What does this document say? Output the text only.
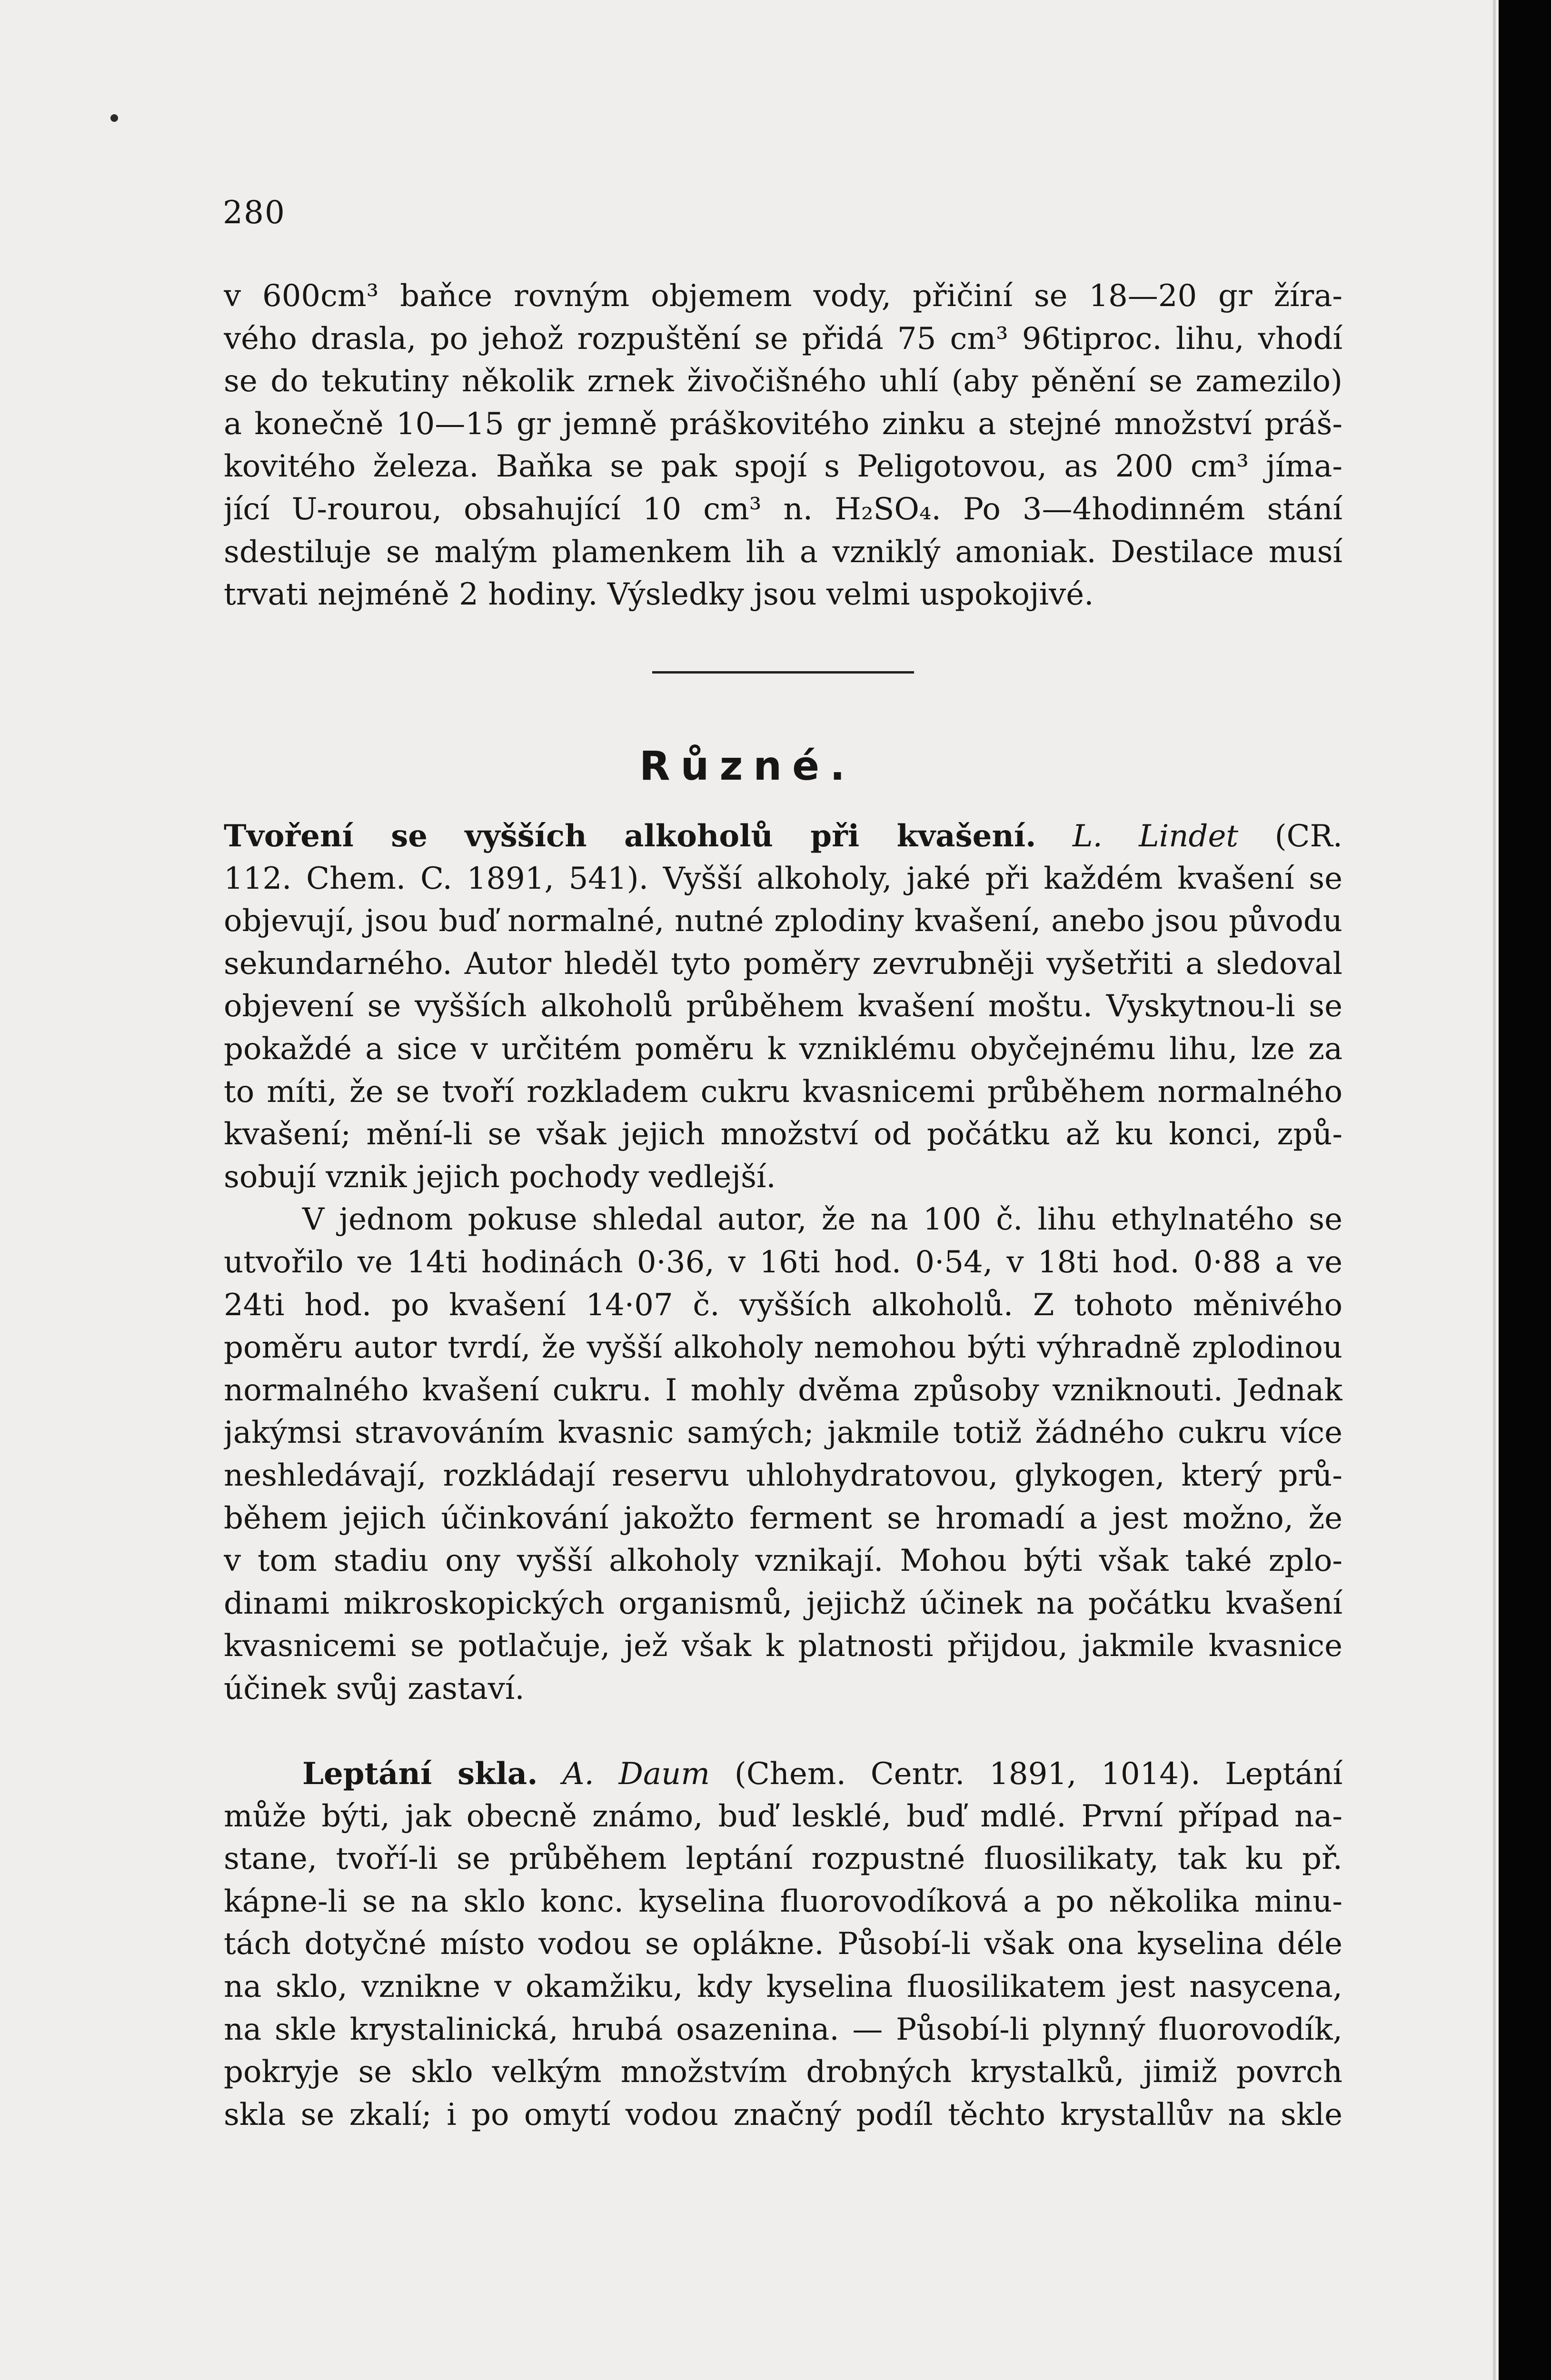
280
v 600cm³ baňce rovným objemem vody, přičiní se 18—20 gr žíra-
vého drasla, po jehož rozpuštění se přidá 75 cm³ 96tiproc. lihu, vhodí
se do tekutiny několik zrnek živočišného uhlí (aby pěnění se zamezilo)
a konečně 10—15 gr jemně práškovitého zinku a stejné množství práš-
kovitého železa. Baňka se pak spojí s Peligotovou, as 200 cm³ jíma-
jící U-rourou, obsahující 10 cm³ n. H₂SO₄. Po 3—4hodinném stání
sdestiluje se malým plamenkem lih a vzniklý amoniak. Destilace musí
trvati nejméně 2 hodiny. Výsledky jsou velmi uspokojivé.
Různé.
Tvoření se vyšších alkoholů při kvašení. L. Lindet (CR.
112. Chem. C. 1891, 541). Vyšší alkoholy, jaké při každém kvašení se
objevují, jsou buď normalné, nutné zplodiny kvašení, anebo jsou původu
sekundarného. Autor hleděl tyto poměry zevrubněji vyšetřiti a sledoval
objevení se vyšších alkoholů průběhem kvašení moštu. Vyskytnou-li se
pokaždé a sice v určitém poměru k vzniklému obyčejnému lihu, lze za
to míti, že se tvoří rozkladem cukru kvasnicemi průběhem normalného
kvašení; mění-li se však jejich množství od počátku až ku konci, způ-
sobují vznik jejich pochody vedlejší.
V jednom pokuse shledal autor, že na 100 č. lihu ethylnatého se
utvořilo ve 14ti hodinách 0·36, v 16ti hod. 0·54, v 18ti hod. 0·88 a ve
24ti hod. po kvašení 14·07 č. vyšších alkoholů. Z tohoto měnivého
poměru autor tvrdí, že vyšší alkoholy nemohou býti výhradně zplodinou
normalného kvašení cukru. I mohly dvěma způsoby vzniknouti. Jednak
jakýmsi stravováním kvasnic samých; jakmile totiž žádného cukru více
neshledávají, rozkládají reservu uhlohydratovou, glykogen, který prů-
během jejich účinkování jakožto ferment se hromadí a jest možno, že
v tom stadiu ony vyšší alkoholy vznikají. Mohou býti však také zplo-
dinami mikroskopických organismů, jejichž účinek na počátku kvašení
kvasnicemi se potlačuje, jež však k platnosti přijdou, jakmile kvasnice
účinek svůj zastaví.
Leptání skla. A. Daum (Chem. Centr. 1891, 1014). Leptání
může býti, jak obecně známo, buď lesklé, buď mdlé. První případ na-
stane, tvoří-li se průběhem leptání rozpustné fluosilikaty, tak ku př.
kápne-li se na sklo konc. kyselina fluorovodíková a po několika minu-
tách dotyčné místo vodou se oplákne. Působí-li však ona kyselina déle
na sklo, vznikne v okamžiku, kdy kyselina fluosilikatem jest nasycena,
na skle krystalinická, hrubá osazenina. — Působí-li plynný fluorovodík,
pokryje se sklo velkým množstvím drobných krystalků, jimiž povrch
skla se zkalí; i po omytí vodou značný podíl těchto krystallův na skle
